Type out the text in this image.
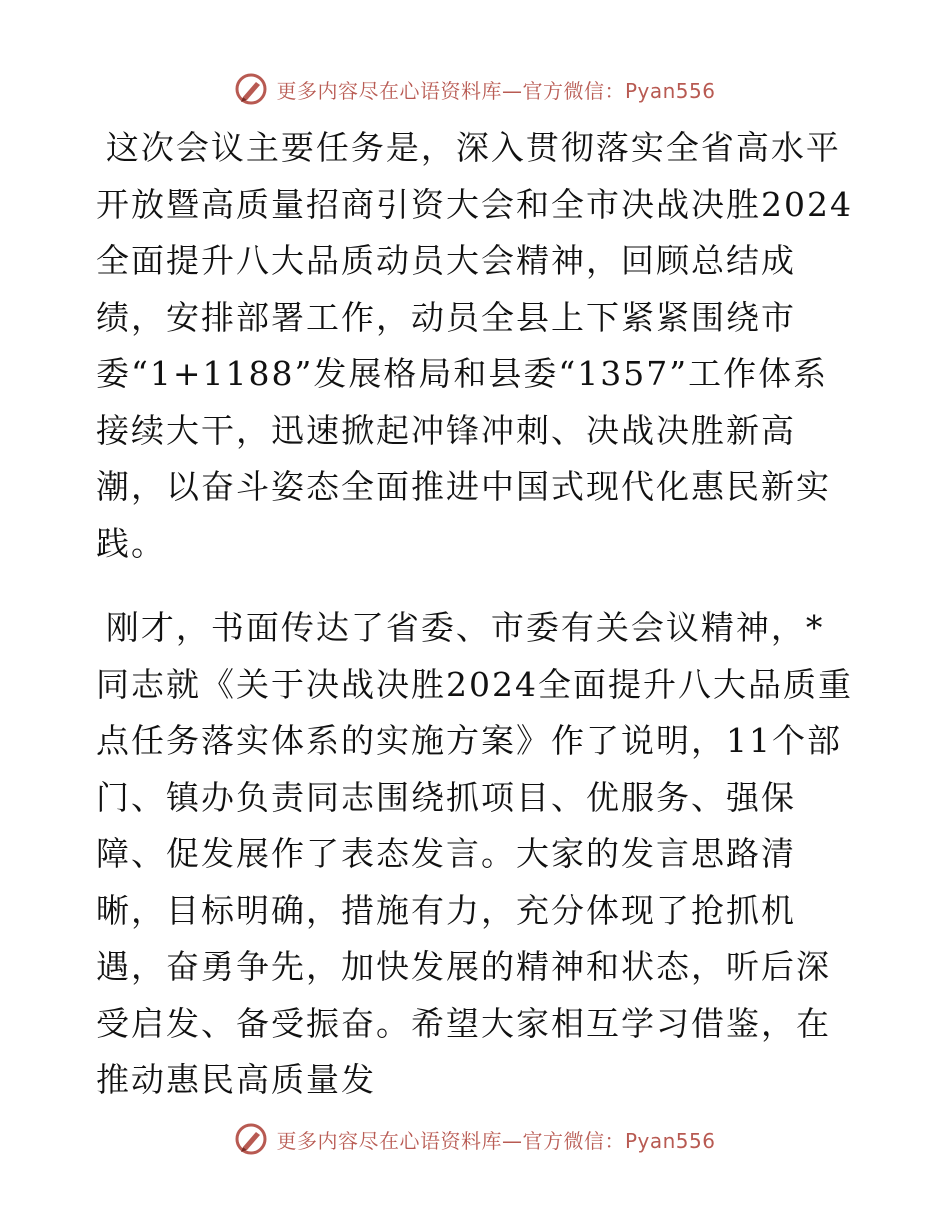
更多内容尽在心语资料库—官方微信：Pyan556

这次会议主要任务是，深入贯彻落实全省高水平开放暨高质量招商引资大会和全市决战决胜2024全面提升八大品质动员大会精神，回顾总结成绩，安排部署工作，动员全县上下紧紧围绕市委“1+1188”发展格局和县委“1357”工作体系接续大干，迅速掀起冲锋冲刺、决战决胜新高潮，以奋斗姿态全面推进中国式现代化惠民新实践。

刚才，书面传达了省委、市委有关会议精神，*同志就《关于决战决胜2024全面提升八大品质重点任务落实体系的实施方案》作了说明，11个部门、镇办负责同志围绕抓项目、优服务、强保障、促发展作了表态发言。大家的发言思路清晰，目标明确，措施有力，充分体现了抢抓机遇，奋勇争先，加快发展的精神和状态，听后深受启发、备受振奋。希望大家相互学习借鉴，在推动惠民高质量发

更多内容尽在心语资料库—官方微信：Pyan556
